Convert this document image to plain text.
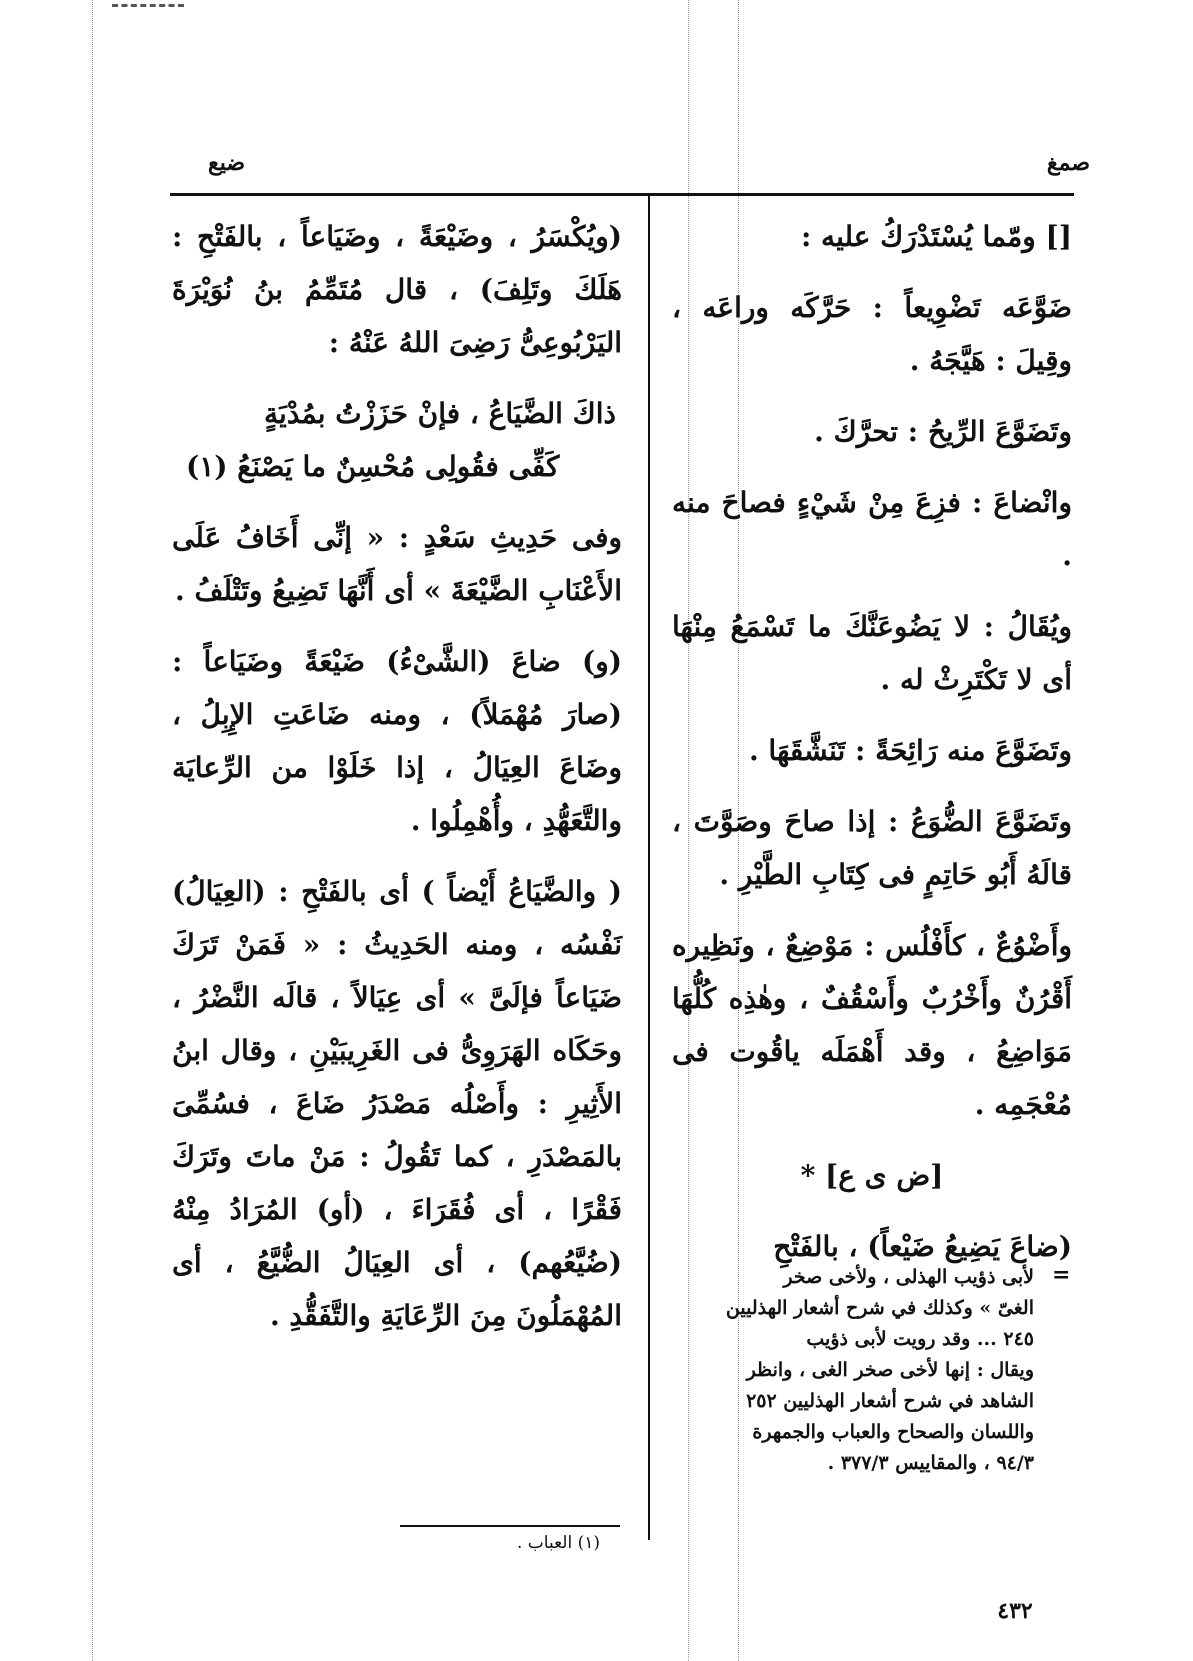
صمغ
ضيع

[] ومّما يُسْتَدْرَكُ عليه :

ضَوَّعَه تَضْوِيعاً : حَرَّكَه وراعَه ، وقِيلَ : هَيَّجَهُ .

وتَضَوَّعَ الرِّيحُ : تحرَّكَ .

وانْضاعَ : فزِعَ مِنْ شَيْءٍ فصاحَ منه .

ويُقَالُ : لا يَضُوعَنَّكَ ما تَسْمَعُ مِنْهَا أى لا تَكْتَرِثْ له .

وتَضَوَّعَ منه رَائِحَةً : تَنَشَّقَهَا .

وتَضَوَّعَ الضُّوَعُ : إذا صاحَ وصَوَّتَ ، قالَهُ أَبُو حَاتِمٍ فى كِتَابِ الطَّيْرِ .

وأَضْوُعٌ ، كأَفْلُس : مَوْضِعٌ ، ونَظِيره أَقْرُنٌ وأَخْرُبٌ وأَسْقُفٌ ، وهٰذِه كُلُّهَا مَوَاضِعُ ، وقد أَهْمَلَه ياقُوت فى مُعْجَمِه .

[ض ى ع] *

(ضاعَ يَضِيعُ ضَيْعاً) ، بالفَتْحِ

(ويُكْسَرُ ، وضَيْعَةً ، وضَيَاعاً ، بالفَتْحِ : هَلَكَ وتَلِفَ) ، قال مُتَمِّمُ بنُ نُوَيْرَةَ اليَرْبُوعِىُّ رَضِىَ اللهُ عَنْهُ :

ذاكَ الضَّيَاعُ ، فإنْ حَزَزْتُ بمُدْيَةٍ
كَفِّى فقُولِى مُحْسِنٌ ما يَصْنَعُ (١)

وفى حَدِيثِ سَعْدٍ : « إنِّى أَخَافُ عَلَى الأَعْنَابِ الضَّيْعَةَ » أى أَنَّهَا تَضِيعُ وتَتْلَفُ .

(و) ضاعَ (الشَّىْءُ) ضَيْعَةً وضَيَاعاً : (صارَ مُهْمَلاً) ، ومنه ضَاعَتِ الإِبِلُ ، وضَاعَ العِيَالُ ، إذا خَلَوْا من الرِّعايَة والتَّعَهُّدِ ، وأُهْمِلُوا .

( والضَّيَاعُ أَيْضاً ) أى بالفَتْحِ : (العِيَالُ) نَفْسُه ، ومنه الحَدِيثُ : « فَمَنْ تَرَكَ ضَيَاعاً فإلَىَّ » أى عِيَالاً ، قالَه النَّضْرُ ، وحَكَاه الهَرَوِىُّ فى الغَرِيبَيْنِ ، وقال ابنُ الأَثِيرِ : وأَصْلُه مَصْدَرُ ضَاعَ ، فسُمِّىَ بالمَصْدَرِ ، كما تَقُولُ : مَنْ ماتَ وتَرَكَ فَقْرًا ، أى فُقَرَاءَ ، (أو) المُرَادُ مِنْهُ (ضُيَّعُهم) ، أى العِيَالُ الضُّيَّعُ ، أى المُهْمَلُونَ مِنَ الرِّعَايَةِ والتَّفَقُّدِ .

(١) العباب .
=
لأبى ذؤيب الهذلى ، ولأخى صخر
الغىّ » وكذلك في شرح أشعار الهذليين
٢٤٥ ... وقد رويت لأبى ذؤيب
ويقال : إنها لأخى صخر الغى ، وانظر
الشاهد في شرح أشعار الهذليين ٢٥٢
واللسان والصحاح والعباب والجمهرة
٩٤/٣ ، والمقاييس ٣٧٧/٣ .
٤٣٢
